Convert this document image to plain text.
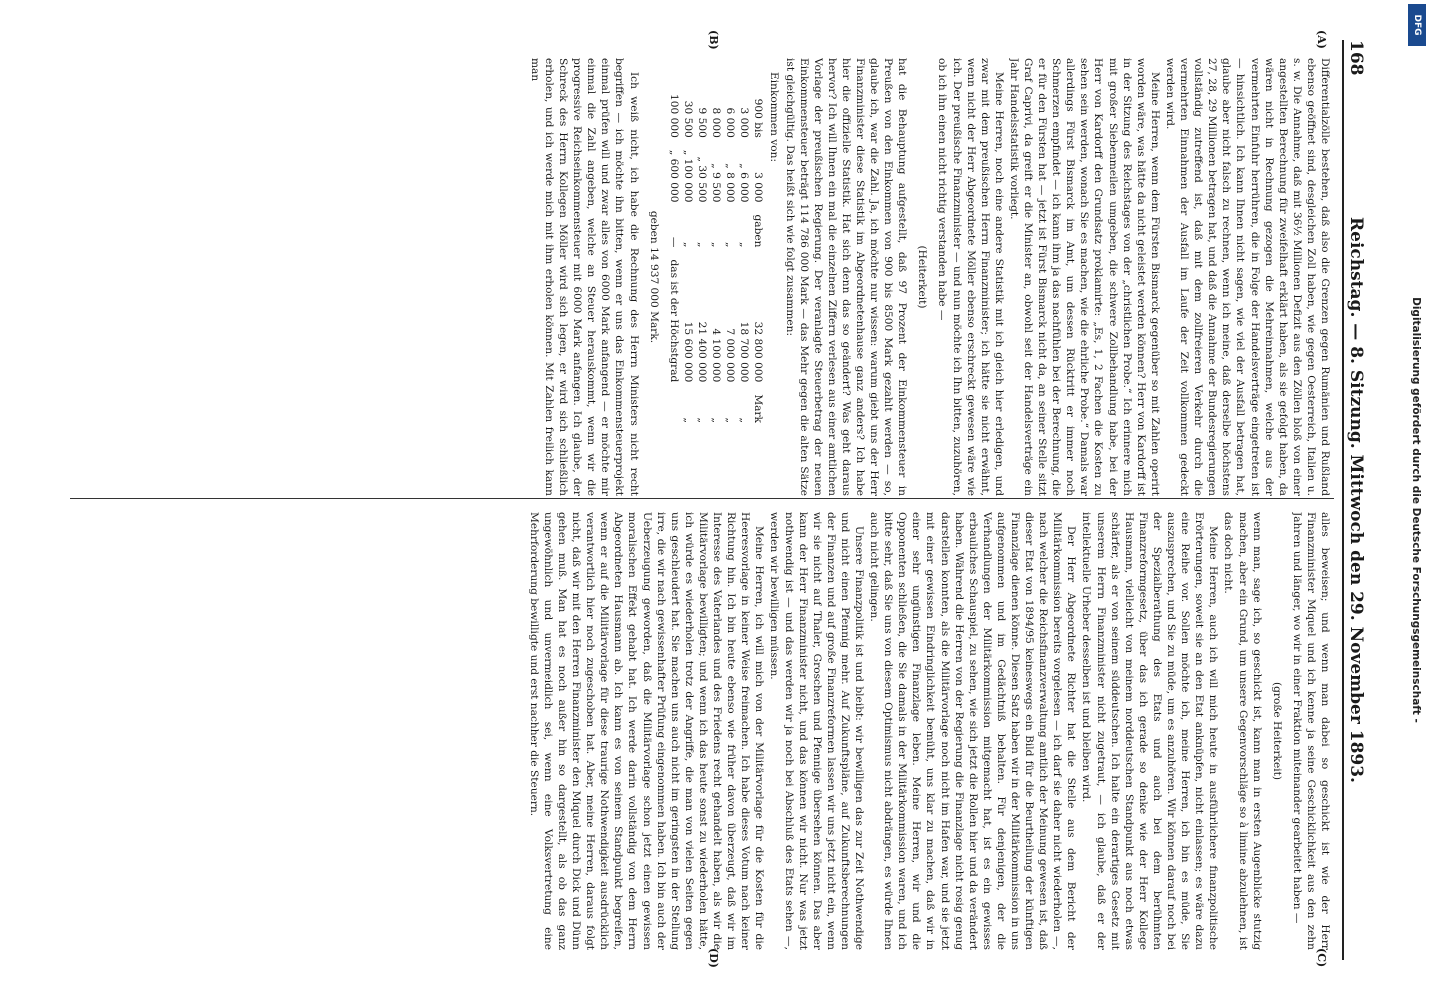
168
Reichstag. — 8. Sitzung. Mittwoch den 29. November 1893.
(A)
(B)
(C)
(D)

Differentialzölle bestehen, daß also die Grenzen gegen Rumänien und Rußland ebenso geöffnet sind, desgleichen Zoll haben, wie gegen Oesterreich, Italien u. s. w. Die Annahme, daß mit 36½ Millionen Defizit aus den Zöllen bloß von einer angestellten Berechnung für zweifelhaft erklärt haben, als sie gefolgt haben, da wären nicht in Rechnung gezogen die Mehreinnahmen, welche aus der vermehrten Einfuhr herrühren, die in Folge der Handelsverträge eingetreten ist — hinsichtlich. Ich kann Ihnen nicht sagen, wie viel der Ausfall betragen hat, glaube aber nicht falsch zu rechnen, wenn ich meine, daß derselbe höchstens 27, 28, 29 Millionen betragen hat, und daß die Annahme der Bundesregierungen vollständig zutreffend ist, daß mit dem zollfreieren Verkehr durch die vermehrten Einnahmen der Ausfall im Laufe der Zeit vollkommen gedeckt werden wird.

Meine Herren, wenn dem Fürsten Bismarck gegenüber so mit Zahlen operirt worden wäre, was hätte da nicht geleistet werden können? Herr von Kardorff ist in der Sitzung des Reichstages von der „christlichen Probe.“ Ich erinnere mich mit großer Siebenmeilen umgeben, die schwere Zollbehandlung habe, bei der Herr von Kardorff den Grundsatz proklamirte: „Es, 1, 2 Fachen die Kosten zu sehen sein werden, wonach Sie es machen, wie die ehrliche Probe.“ Damals war allerdings Fürst Bismarck im Amt, um dessen Rücktritt er immer noch Schmerzen empfindet — ich kann ihm ja das nachfühlen bei der Berechnung, die er für den Fürsten hat — jetzt ist Fürst Bismarck nicht da, an seiner Stelle sitzt Graf Caprivi, da greift er die Minister an, obwohl seit der Handelsverträge ein Jahr Handelsstatistik vorliegt.

Meine Herren, noch eine andere Statistik mit ich gleich hier erledigen, und zwar mit dem preußischen Herrn Finanzminister; ich hätte sie nicht erwähnt, wenn nicht der Herr Abgeordnete Möller ebenso erschreckt gewesen wäre wie ich. Der preußische Finanzminister — und nun möchte ich Ihn bitten, zuzuhören, ob ich ihn einen nicht richtig verstanden habe —

(Heiterkeit)

hat die Behauptung aufgestellt, daß 97 Prozent der Einkommensteuer in Preußen von den Einkommen von 900 bis 8500 Mark gezahlt werden — so, glaube ich, war die Zahl. Ja, ich möchte nur wissen: warum giebt uns der Herr Finanzminister diese Statistik im Abgeordnetenhause ganz anders? Ich habe hier die offizielle Statistik. Hat sich denn das so geändert? Was geht daraus hervor? Ich will Ihnen ein mal die einzelnen Ziffern verlesen aus einer amtlichen Vorlage der preußischen Regierung. Der veranlagte Steuerbetrag der neuen Einkommensteuer beträgt 114 786 000 Mark — das Mehr gegen die alten Sätze ist gleichgültig. Das heißt sich wie folgt zusammen:

Einkommen von:

900 bis	3 000	gaben	32 800 000	Mark
3 000	„ 6 000	„	18 700 000	„
6 000	„ 8 000	„	7 000 000	„
8 000	„ 9 500	„	4 100 000	„
9 500	„ 30 500	„	21 400 000	„
30 500	„ 100 000	„	15 600 000	„
100 000	„ 600 000	—	das ist der Höchstgrad	

geben 14 937 000 Mark.

Ich weiß nicht, ich habe die Rechnung des Herrn Ministers nicht recht begriffen — ich möchte ihn bitten, wenn er uns das Einkommensteuerprojekt einmal prüfen will und zwar alles von 6000 Mark anfangend — er möchte mir einmal die Zahl angeben, welche an Steuer herauskommt, wenn wir die progressive Reichseinkommensteuer mit 6000 Mark anfangen. Ich glaube, der Schreck des Herrn Kollegen Möller wird sich legen, er wird sich schließlich erholen, und ich werde mich mit ihm erholen können. Mit Zahlen freilich kann man

alles beweisen; und wenn man dabei so geschickt ist wie der Herr Finanzminister Miquel und ich kenne ja seine Geschicklichkeit aus den zehn Jahren und länger, wo wir in einer Fraktion miteinander gearbeitet haben —

(große Heiterkeit)

wenn man, sage ich, so geschickt ist, kann man in ersten Augenblicke stutzig machen, aber ein Grund, um unsere Gegenvorschläge so à limine abzulehnen, ist das doch nicht.

Meine Herren, auch ich will mich heute in ausführlichere finanzpolitische Erörterungen, soweit sie an den Etat anknüpfen, nicht einlassen; es wäre dazu eine Reihe vor. Sollen möchte ich, meine Herren, ich bin es müde, Sie auszusprechen, und Sie zu müde, um es anzuhören. Wir können darauf noch bei der Spezialberathung des Etats und auch bei dem berühmten Finanzreformgesetz, über das ich gerade so denke wie der Herr Kollege Hausmann, vielleicht von meinem norddeutschen Standpunkt aus noch etwas schärfer, als er von seinem süddeutschen. Ich halte ein derartiges Gesetz mit unserem Herrn Finanzminister nicht zugetraut, — ich glaube, daß er der intellektuelle Urheber desselben ist und bleiben wird.

Der Herr Abgeordnete Richter hat die Stelle aus dem Bericht der Militärkommission bereits vorgelesen — ich darf sie daher nicht wiederholen —, nach welcher die Reichsfinanzverwaltung amtlich der Meinung gewesen ist, daß dieser Etat von 1894/95 keineswegs ein Bild für die Beurtheilung der künftigen Finanzlage dienen könne. Diesen Satz haben wir in der Militärkommission in uns aufgenommen und im Gedächtniß behalten. Für denjenigen, der die Verhandlungen der Militärkommission mitgemacht hat, ist es ein gewisses erbauliches Schauspiel, zu sehen, wie sich jetzt die Rollen hier und da verändert haben. Während die Herren von der Regierung die Finanzlage nicht rosig genug darstellen konnten, als die Militärvorlage noch nicht im Hafen war, und sie jetzt mit einer gewissen Eindringlichkeit bemüht, uns klar zu machen, daß wir in einer sehr ungünstigen Finanzlage leben. Meine Herren, wir und die Opponenten schließen, die Sie damals in der Militärkommission waren, und ich bitte sehr, daß Sie uns von diesem Optimismus nicht abdrängen, es würde Ihnen auch nicht gelingen.

Unsere Finanzpolitik ist und bleibt: wir bewilligen das zur Zeit Nothwendige und nicht einen Pfennig mehr. Auf Zukunftspläne, auf Zukunftsberechnungen der Finanzen und auf große Finanzreformen lassen wir uns jetzt nicht ein, wenn wir sie nicht auf Thaler, Groschen und Pfennige übersehen können. Das aber kann der Herr Finanzminister nicht, und das können wir nicht. Nur was jetzt nothwendig ist — und das werden wir ja noch bei Abschluß des Etats sehen —, werden wir bewilligen müssen.

Meine Herren, ich will mich von der Militärvorlage für die Kosten für die Heeresvorlage in keiner Weise freimachen. Ich habe dieses Votum nach keiner Richtung hin. Ich bin heute ebenso wie früher davon überzeugt, daß wir im Interesse des Vaterlandes und des Friedens recht gehandelt haben, als wir die Militärvorlage bewilligten; und wenn ich das heute sonst zu wiederholen hätte, ich würde es wiederholen trotz der Angriffe, die man von vielen Seiten gegen uns geschleudert hat. Sie machen uns auch nicht im geringsten in der Stellung irre, die wir nach gewissenhafter Prüfung eingenommen haben. Ich bin auch der Ueberzeugung geworden, daß die Militärvorlage schon jetzt einen gewissen moralischen Effekt gehabt hat. Ich werde darin vollständig von dem Herrn Abgeordneten Hausmann ab. Ich kann es von seinem Standpunkt begreifen, wenn er auf die Militärvorlage für diese traurige Nothwendigkeit ausdrücklich verantwortlich hier noch zugeschoben hat. Aber, meine Herren, daraus folgt nicht, daß wir mit den Herren Finanzminister den Miquel durch Dick und Dünn gehen muß. Man hat es noch außer hin so dargestellt, als ob das ganz ungewöhnlich und unvermeidlich sei, wenn eine Volksvertretung eine Mehrforderung bewilligte und erst nachher die Steuern.

DFG
Digitalisierung gefördert durch die Deutsche Forschungsgemeinschaft -
